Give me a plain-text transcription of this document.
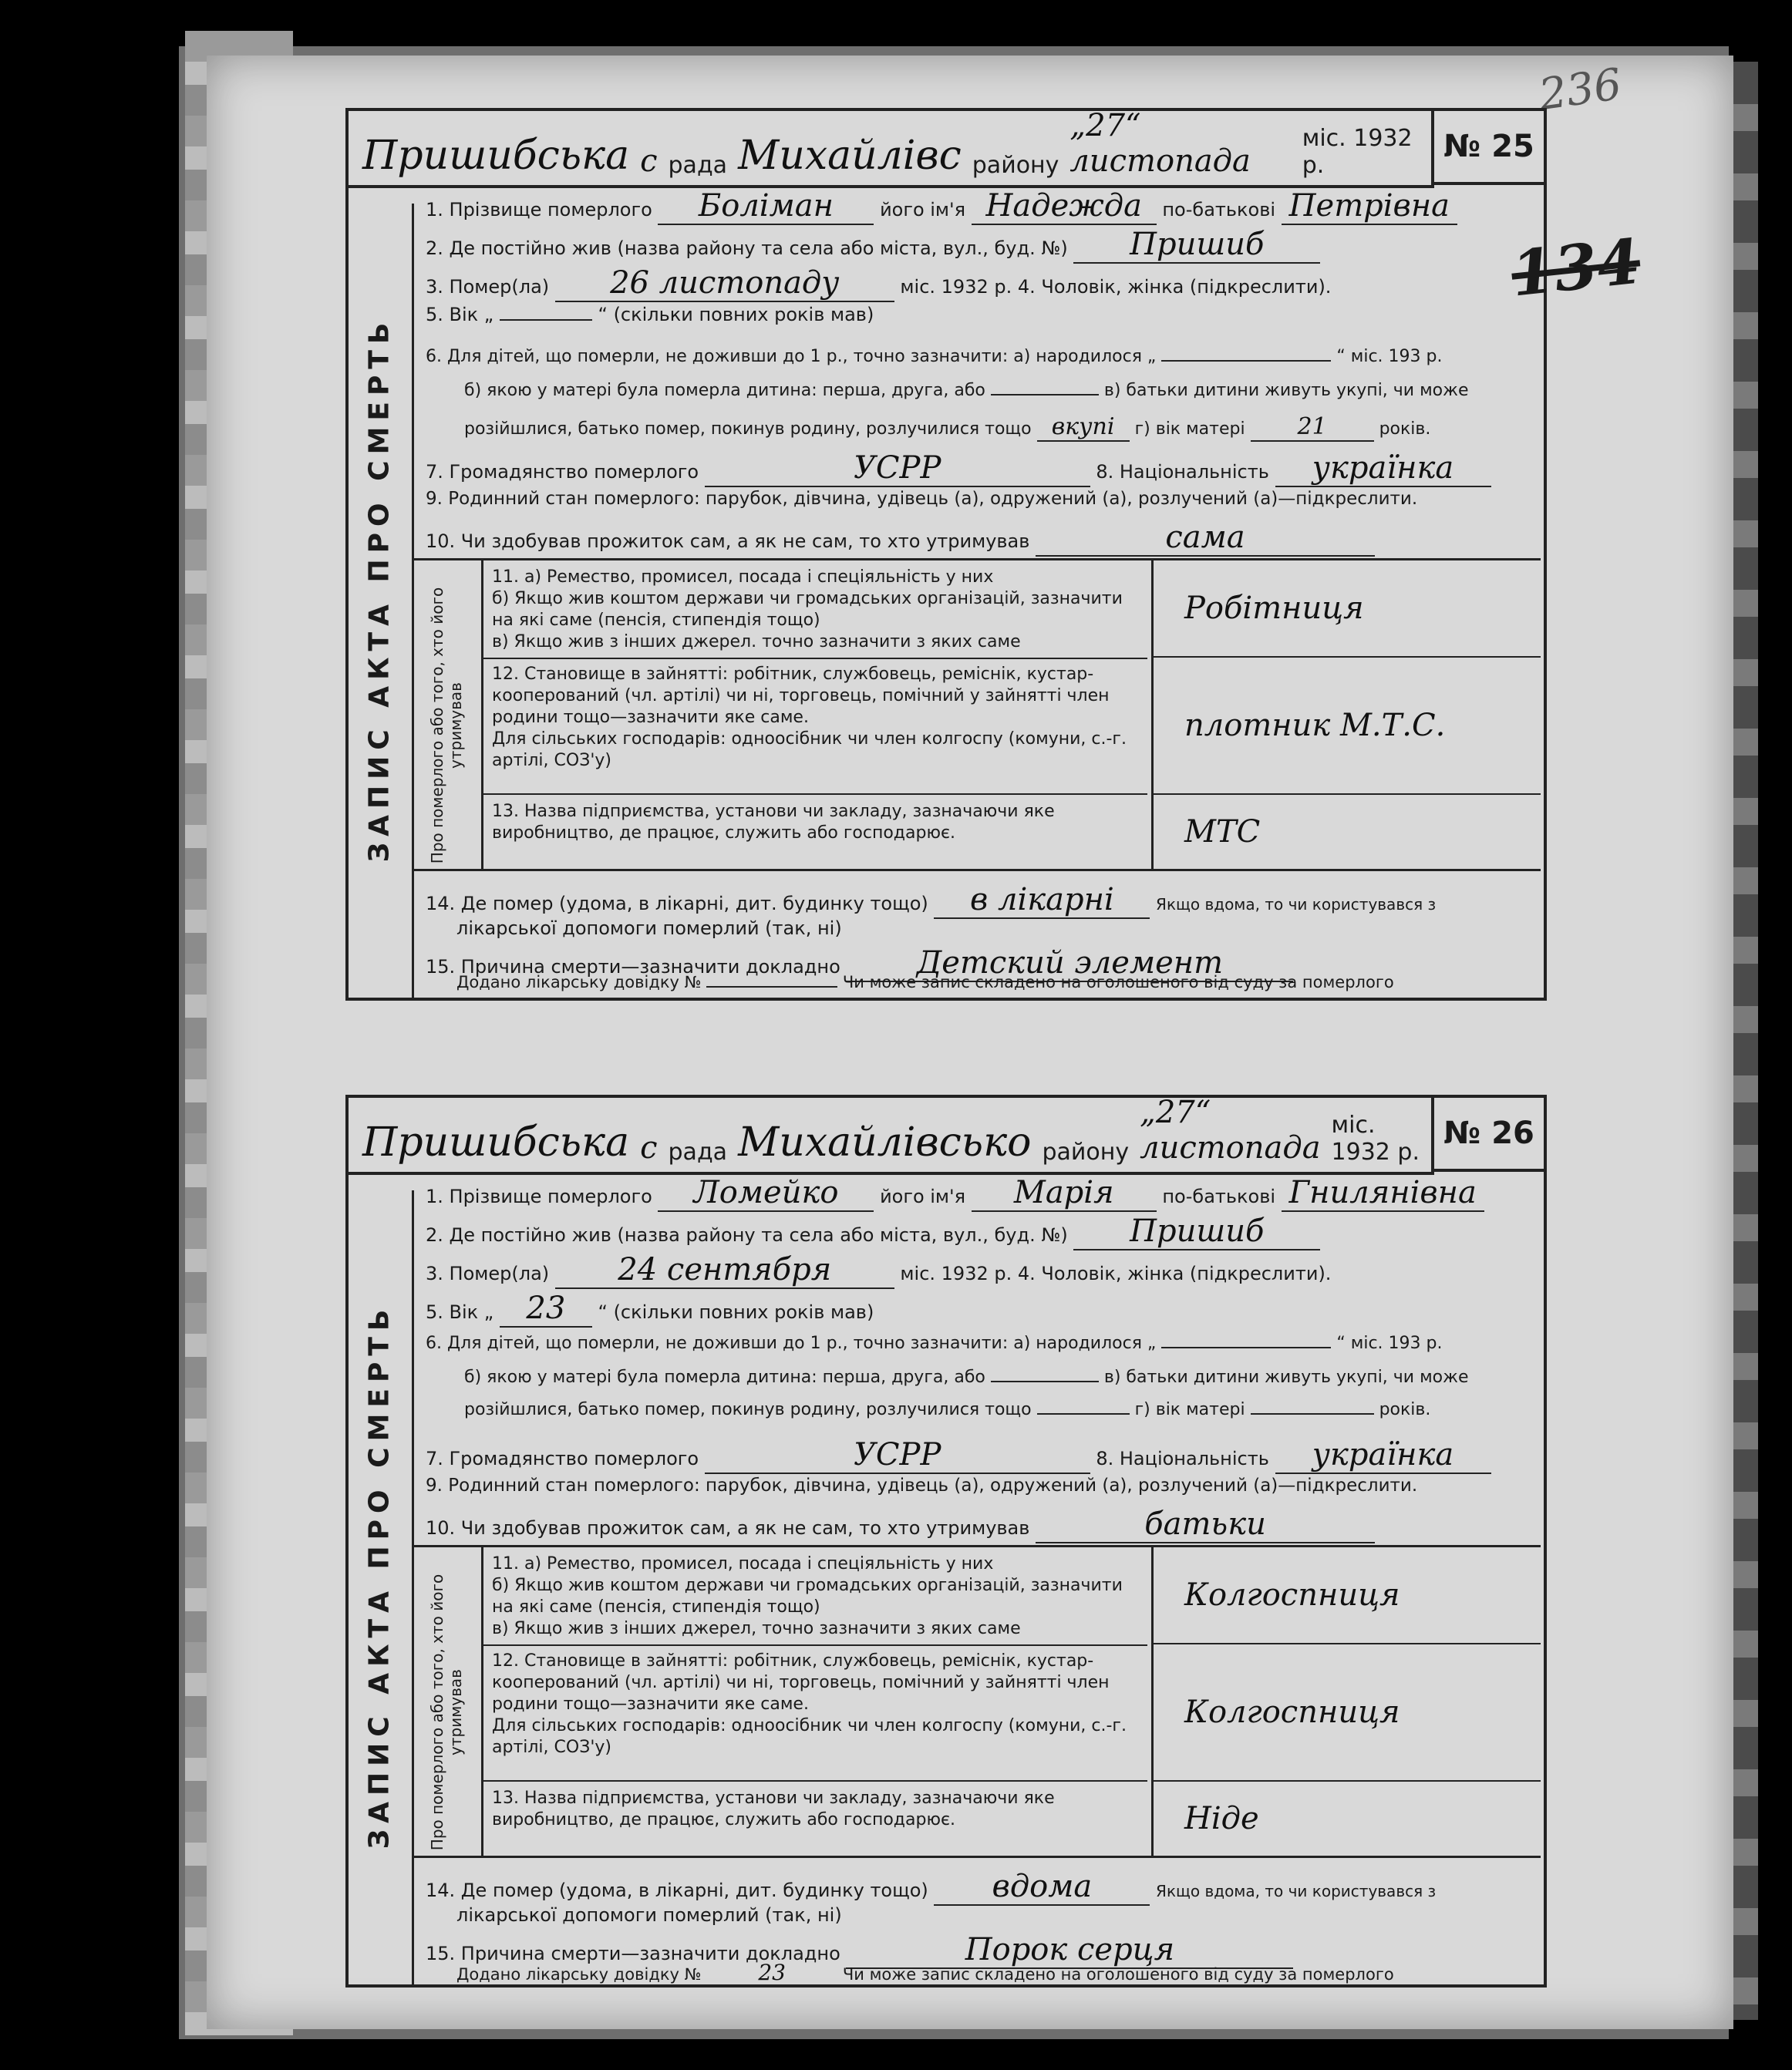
236
Пришибська с рада Михайлівс району
„27“ листопада
міс. 1932 р.
№ 25
ЗАПИС АКТА ПРО СМЕРТЬ
1. Прізвище померлого Боліман	його ім'я Надежда по-батькові Петрівна
2. Де постійно жив (назва району та села або міста, вул., буд. №) Пришиб
3. Помер(ла) 26 листопаду	міс. 1932 р. 4. Чоловік, жінка (підкреслити).
5. Вік „	“ (скільки повних років мав)
6. Для дітей, що померли, не доживши до 1 р., точно зазначити: а) народилося „	“ міс. 193 р.
б) якою у матері була померла дитина: перша, друга, або	в) батьки дитини живуть укупі, чи може
розійшлися, батько помер, покинув родину, розлучилися тощо вкупі г) вік матері 21	років.
7. Громадянство померлого	УСРР	8. Національність українка
9. Родинний стан померлого: парубок, дівчина, удівець (а), одружений (а), розлучений (а)—підкреслити.
10. Чи здобував прожиток сам, а як не сам, то хто утримував	сама
Про померлого або того, хто його утримував
11. а) Ремество, промисел, посада і спеціяльність у них
б) Якщо жив коштом держави чи громадських організацій, зазначити на які саме (пенсія, стипендія тощо)
в) Якщо жив з інших джерел. точно зазначити з яких саме
Робітниця
12. Становище в зайнятті: робітник, службовець, реміснік, кустар-кооперований (чл. артілі) чи ні, торговець, помічний у зайнятті член родини тощо—зазначити яке саме.
Для сільських господарів: одноосібник чи член колгоспу (комуни, с.-г. артілі, СОЗ'у)
плотник М.Т.С.
13. Назва підприємства, установи чи закладу, зазначаючи яке виробництво, де працює, служить або господарює.	МТС
14. Де помер (удома, в лікарні, дит. будинку тощо) в лікарні	Якщо вдома, то чи користувався з
лікарської допомоги померлий (так, ні)
15. Причина смерти—зазначити докладно Детский элемент
Додано лікарську довідку №	Чи може запис складено на оголошеного від суду за померлого
134
Пришибська с рада Михайлівсько району
„27“ листопада
міс. 1932 р.
№ 26
ЗАПИС АКТА ПРО СМЕРТЬ
1. Прізвище померлого Ломейко його ім'я Марія	по-батькові Гнилянівна
2. Де постійно жив (назва району та села або міста, вул., буд. №) Пришиб
3. Помер(ла) 24 сентября	міс. 1932 р. 4. Чоловік, жінка (підкреслити).
5. Вік „ 23 “ (скільки повних років мав)
6. Для дітей, що померли, не доживши до 1 р., точно зазначити: а) народилося „	“ міс. 193 р.
б) якою у матері була померла дитина: перша, друга, або	в) батьки дитини живуть укупі, чи може
розійшлися, батько помер, покинув родину, розлучилися тощо	г) вік матері	років.
7. Громадянство померлого	УСРР	8. Національність українка
9. Родинний стан померлого: парубок, дівчина, удівець (а), одружений (а), розлучений (а)—підкреслити.
10. Чи здобував прожиток сам, а як не сам, то хто утримував	батьки
Про померлого або того, хто його утримував
11. а) Ремество, промисел, посада і спеціяльність у них
б) Якщо жив коштом держави чи громадських організацій, зазначити на які саме (пенсія, стипендія тощо)
в) Якщо жив з інших джерел, точно зазначити з яких саме
Колгоспниця
12. Становище в зайнятті: робітник, службовець, реміснік, кустар-кооперований (чл. артілі) чи ні, торговець, помічний у зайнятті член родини тощо—зазначити яке саме.
Для сільських господарів: одноосібник чи член колгоспу (комуни, с.-г. артілі, СОЗ'у)
Колгоспниця
13. Назва підприємства, установи чи закладу, зазначаючи яке виробництво, де працює, служить або господарює.	Ніде
14. Де помер (удома, в лікарні, дит. будинку тощо) вдома	Якщо вдома, то чи користувався з
лікарської допомоги померлий (так, ні)
15. Причина смерти—зазначити докладно	Порок серця
Додано лікарську довідку №	23	Чи може запис складено на оголошеного від суду за померлого
